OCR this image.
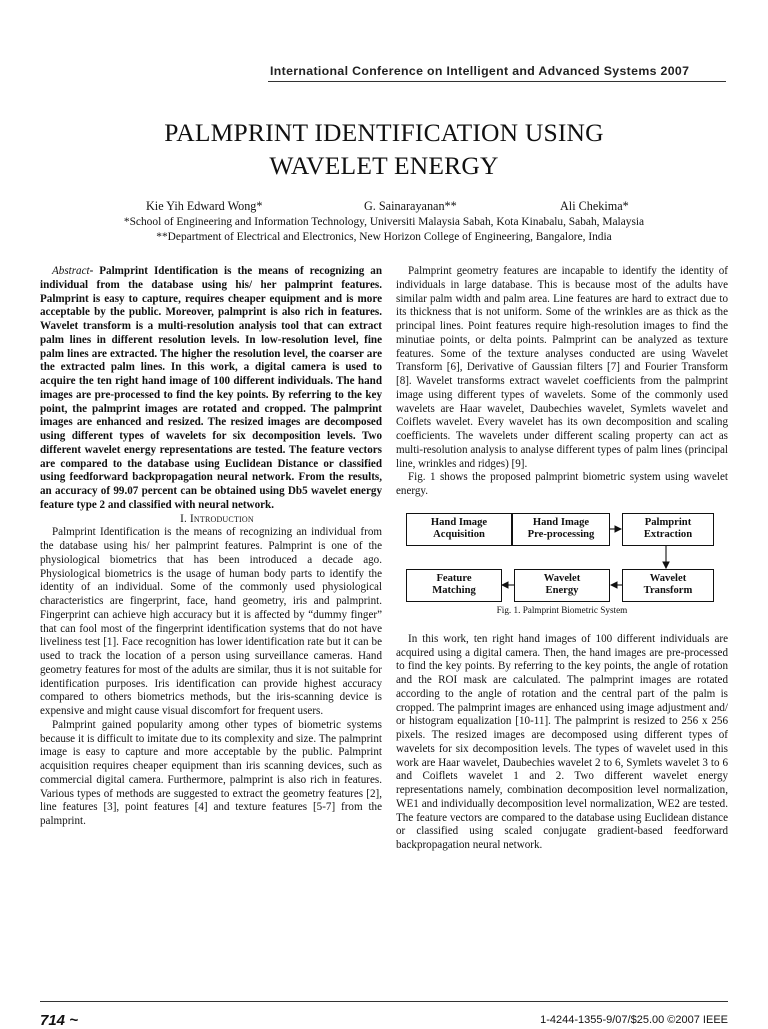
International Conference on Intelligent and Advanced Systems 2007
PALMPRINT IDENTIFICATION USING
WAVELET ENERGY
Kie Yih Edward Wong*	G. Sainarayanan**	Ali Chekima*
*School of Engineering and Information Technology, Universiti Malaysia Sabah, Kota Kinabalu, Sabah, Malaysia
**Department of Electrical and Electronics, New Horizon College of Engineering, Bangalore, India

Abstract- Palmprint Identification is the means of recognizing an individual from the database using his/ her palmprint features. Palmprint is easy to capture, requires cheaper equipment and is more acceptable by the public. Moreover, palmprint is also rich in features. Wavelet transform is a multi-resolution analysis tool that can extract palm lines in different resolution levels. In low-resolution level, fine palm lines are extracted. The higher the resolution level, the coarser are the extracted palm lines. In this work, a digital camera is used to acquire the ten right hand image of 100 different individuals. The hand images are pre-processed to find the key points. By referring to the key point, the palmprint images are rotated and cropped. The palmprint images are enhanced and resized. The resized images are decomposed using different types of wavelets for six decomposition levels. Two different wavelet energy representations are tested. The feature vectors are compared to the database using Euclidean Distance or classified using feedforward backpropagation neural network. From the results, an accuracy of 99.07 percent can be obtained using Db5 wavelet energy feature type 2 and classified with neural network.

I. Introduction

Palmprint Identification is the means of recognizing an individual from the database using his/ her palmprint features. Palmprint is one of the physiological biometrics that has been introduced a decade ago. Physiological biometrics is the usage of human body parts to identify the identity of an individual. Some of the commonly used physiological characteristics are fingerprint, face, hand geometry, iris and palmprint. Fingerprint can achieve high accuracy but it is affected by “dummy finger” that can fool most of the fingerprint identification systems that do not have liveliness test [1]. Face recognition has lower identification rate but it can be used to track the location of a person using surveillance cameras. Hand geometry features for most of the adults are similar, thus it is not suitable for identification purposes. Iris identification can provide highest accuracy compared to others biometrics methods, but the iris-scanning device is expensive and might cause visual discomfort for frequent users.

Palmprint gained popularity among other types of biometric systems because it is difficult to imitate due to its complexity and size. The palmprint image is easy to capture and more acceptable by the public. Palmprint acquisition requires cheaper equipment than iris scanning devices, such as commercial digital camera. Furthermore, palmprint is also rich in features. Various types of methods are suggested to extract the geometry features [2], line features [3], point features [4] and texture features [5-7] from the palmprint.

Palmprint geometry features are incapable to identify the identity of individuals in large database. This is because most of the adults have similar palm width and palm area. Line features are hard to extract due to its thickness that is not uniform. Some of the wrinkles are as thick as the principal lines. Point features require high-resolution images to find the minutiae points, or delta points. Palmprint can be analyzed as texture features. Some of the texture analyses conducted are using Wavelet Transform [6], Derivative of Gaussian filters [7] and Fourier Transform [8]. Wavelet transforms extract wavelet coefficients from the palmprint image using different types of wavelets. Some of the commonly used wavelets are Haar wavelet, Daubechies wavelet, Symlets wavelet and Coiflets wavelet. Every wavelet has its own decomposition and scaling coefficients. The wavelets under different scaling property can act as multi-resolution analysis to analyse different types of palm lines (principal line, wrinkles and ridges) [9].

Fig. 1 shows the proposed palmprint biometric system using wavelet energy.

Hand Image
Acquisition
Hand Image
Pre-processing
Palmprint
Extraction
Wavelet
Transform
Wavelet
Energy
Feature
Matching
Fig. 1. Palmprint Biometric System

In this work, ten right hand images of 100 different individuals are acquired using a digital camera. Then, the hand images are pre-processed to find the key points. By referring to the key points, the angle of rotation and the ROI mask are calculated. The palmprint images are rotated according to the angle of rotation and the central part of the palm is cropped. The palmprint images are enhanced using image adjustment and/ or histogram equalization [10-11]. The palmprint is resized to 256 x 256 pixels. The resized images are decomposed using different types of wavelets for six decomposition levels. The types of wavelet used in this work are Haar wavelet, Daubechies wavelet 2 to 6, Symlets wavelet 3 to 6 and Coiflets wavelet 1 and 2. Two different wavelet energy representations namely, combination decomposition level normalization, WE1 and individually decomposition level normalization, WE2 are tested. The feature vectors are compared to the database using Euclidean distance or classified using scaled conjugate gradient-based feedforward backpropagation neural network.

714 ~	1-4244-1355-9/07/$25.00 ©2007 IEEE
